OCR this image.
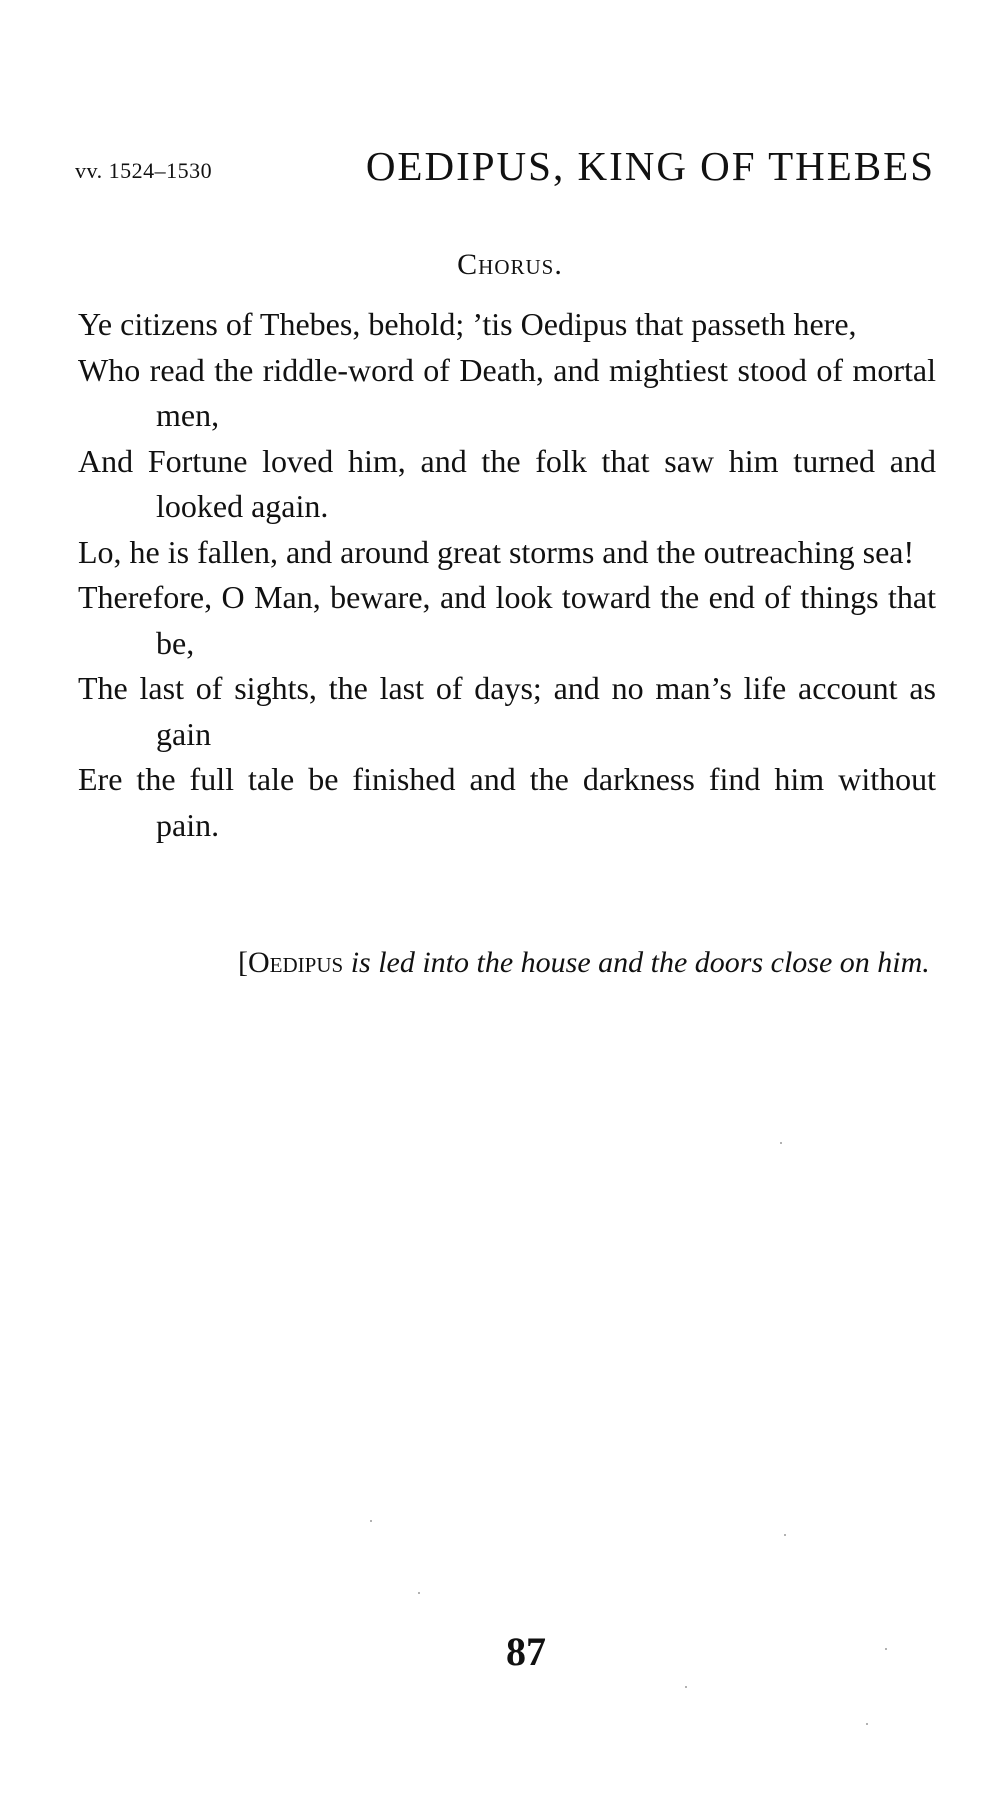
vv. 1524–1530	OEDIPUS, KING OF THEBES
Chorus.

Ye citizens of Thebes, behold; ’tis Oedipus that passeth here,

Who read the riddle-word of Death, and mightiest stood of mortal men,

And Fortune loved him, and the folk that saw him turned and looked again.

Lo, he is fallen, and around great storms and the outreaching sea!

Therefore, O Man, beware, and look toward the end of things that be,

The last of sights, the last of days; and no man’s life account as gain

Ere the full tale be finished and the darkness find him without pain.

[Oedipus is led into the house and the doors close on him.

87
